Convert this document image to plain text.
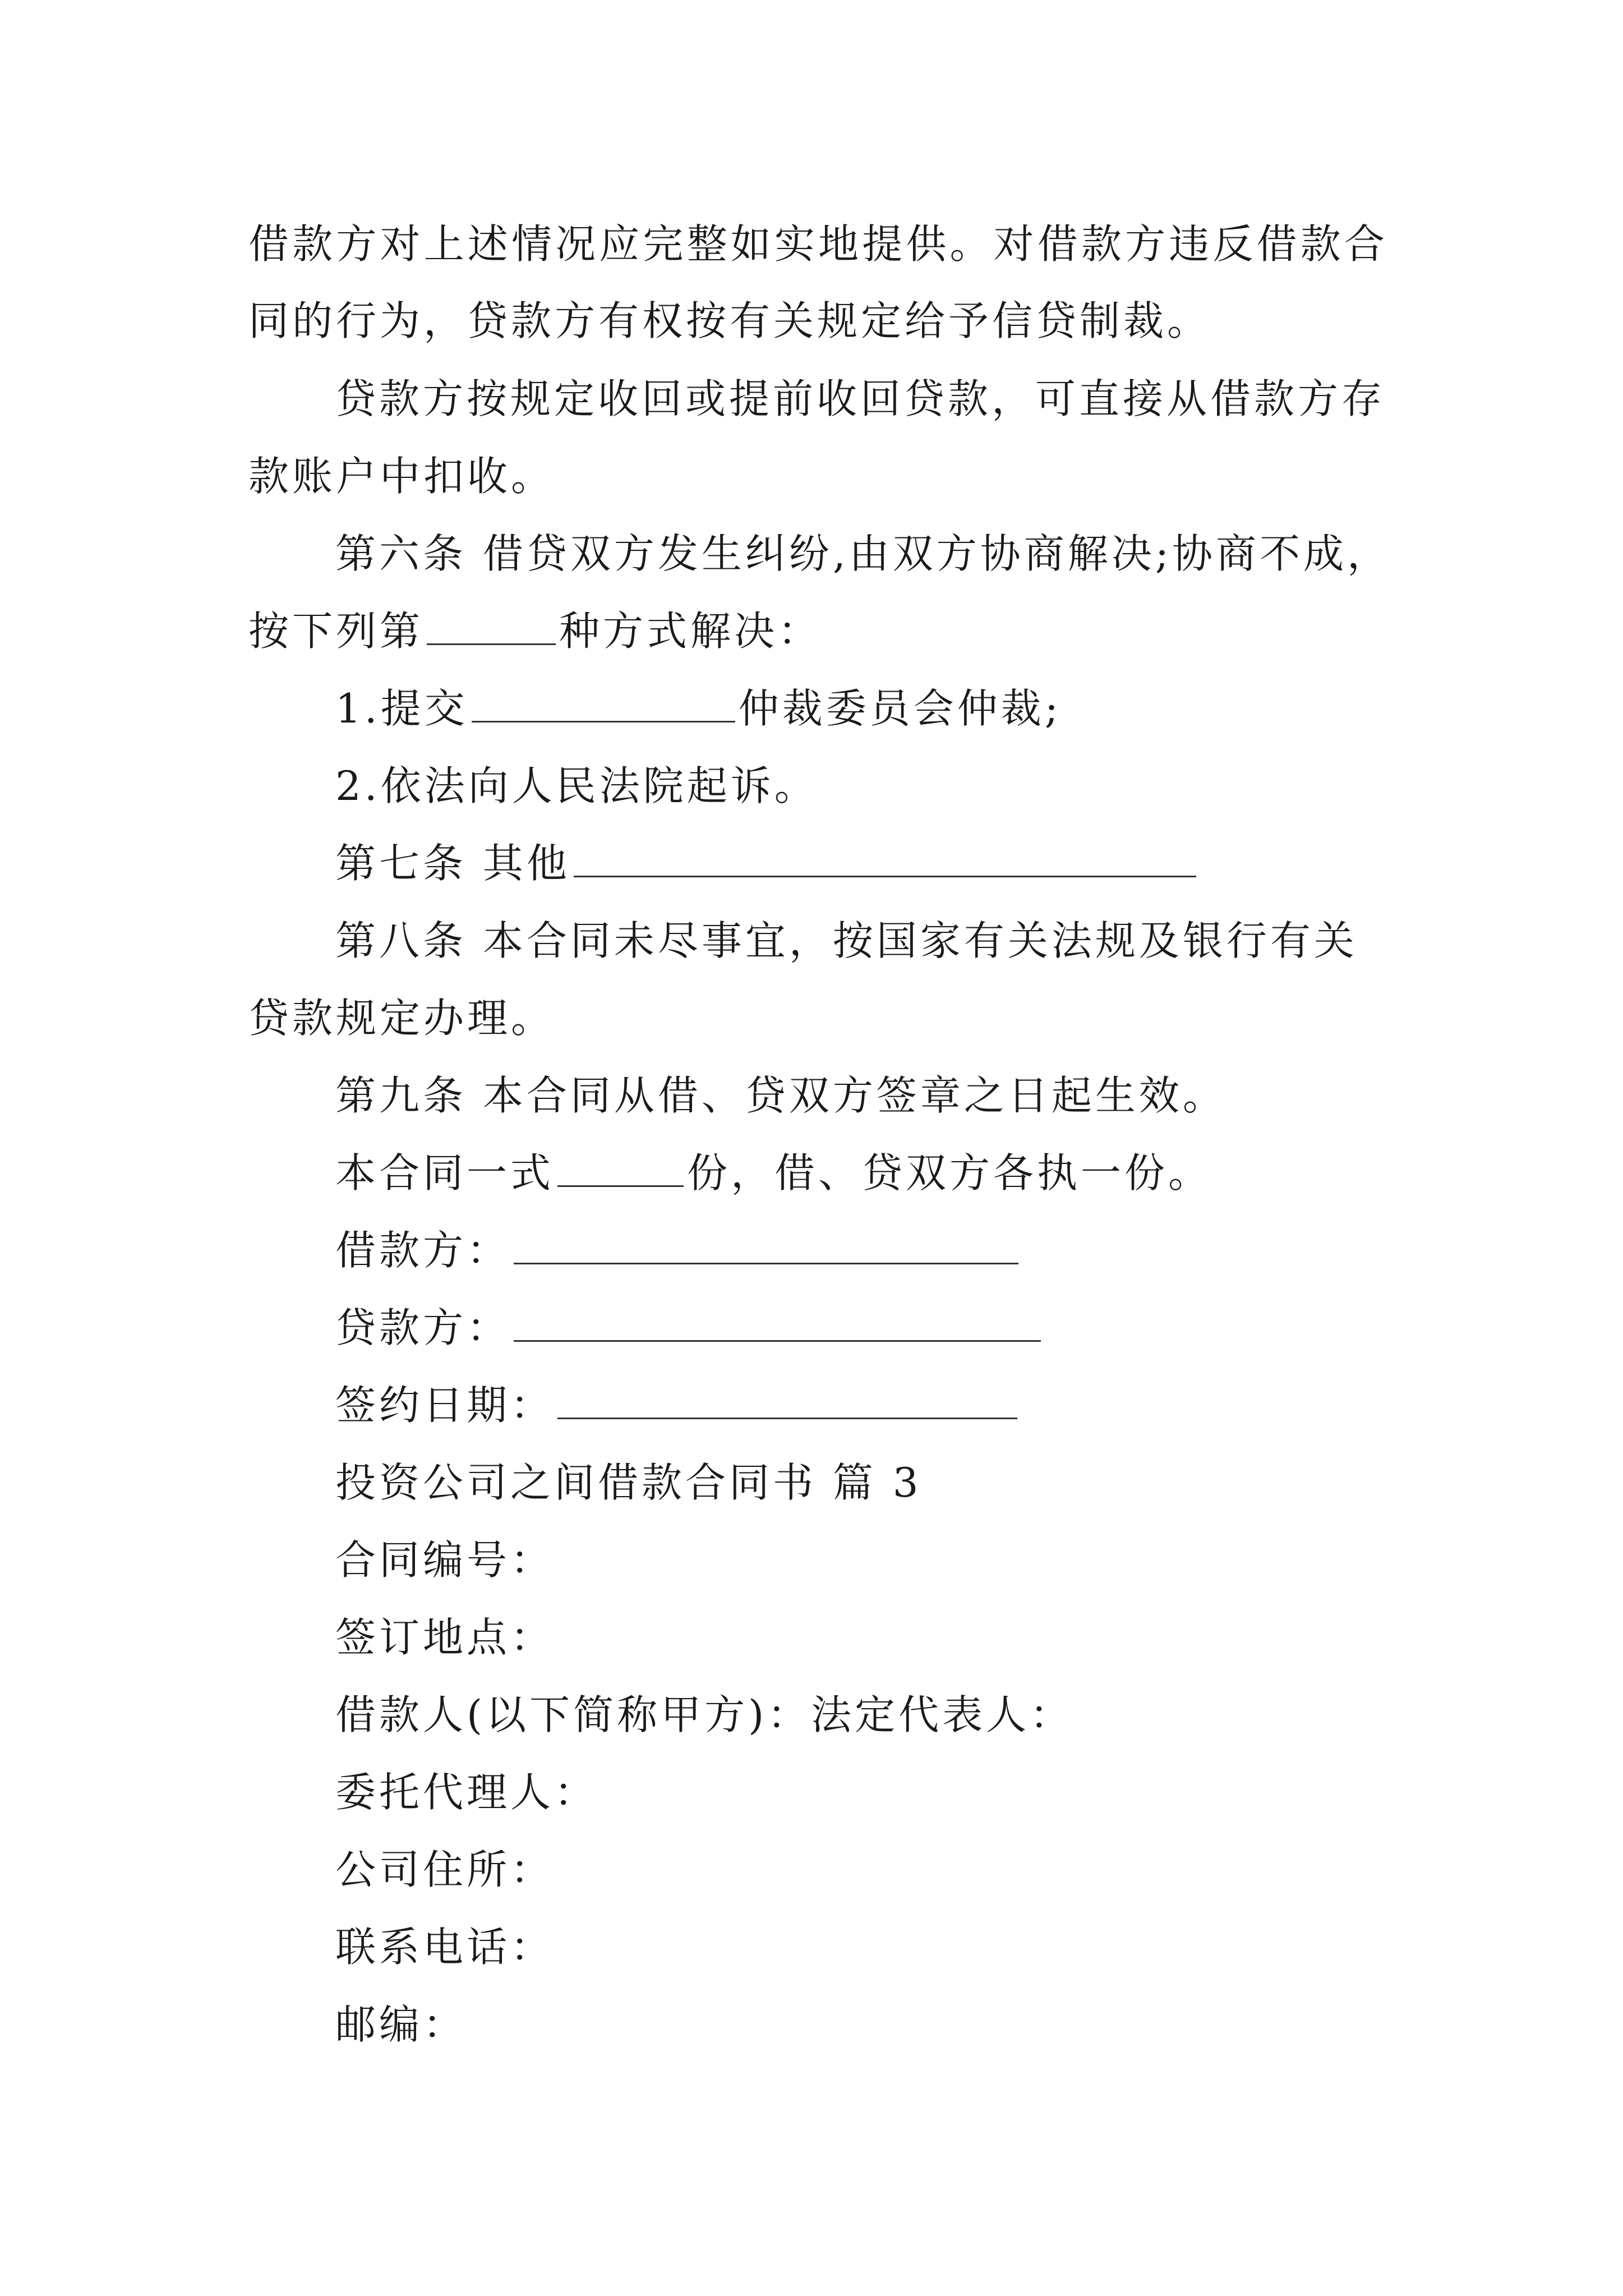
借 款 方 对 上 述 情 况 应 完 整 如 实 地 提 供 。 对 借 款 方 违 反 借 款 合
同的行为，贷款方有权按有关规定给予信贷制裁。
贷款方按规定收回或提前收回贷款，可直接从借款方存
款账户中扣收。
第六条 借贷双方发生纠纷,由双方协商解决;协商不成，
按下列第	种方式解决：
1.提交	仲裁委员会仲裁;
2.依法向人民法院起诉。
第七条 其他
第八条 本合同未尽事宜，按国家有关法规及银行有关
贷款规定办理。
第九条 本合同从借、贷双方签章之日起生效。
本合同一式	份，借、贷双方各执一份。
借款方：
贷款方：
签约日期：
投资公司之间借款合同书 篇 3
合同编号：
签订地点：
借款人(以下简称甲方)：法定代表人：
委托代理人：
公司住所：
联系电话：
邮编：
